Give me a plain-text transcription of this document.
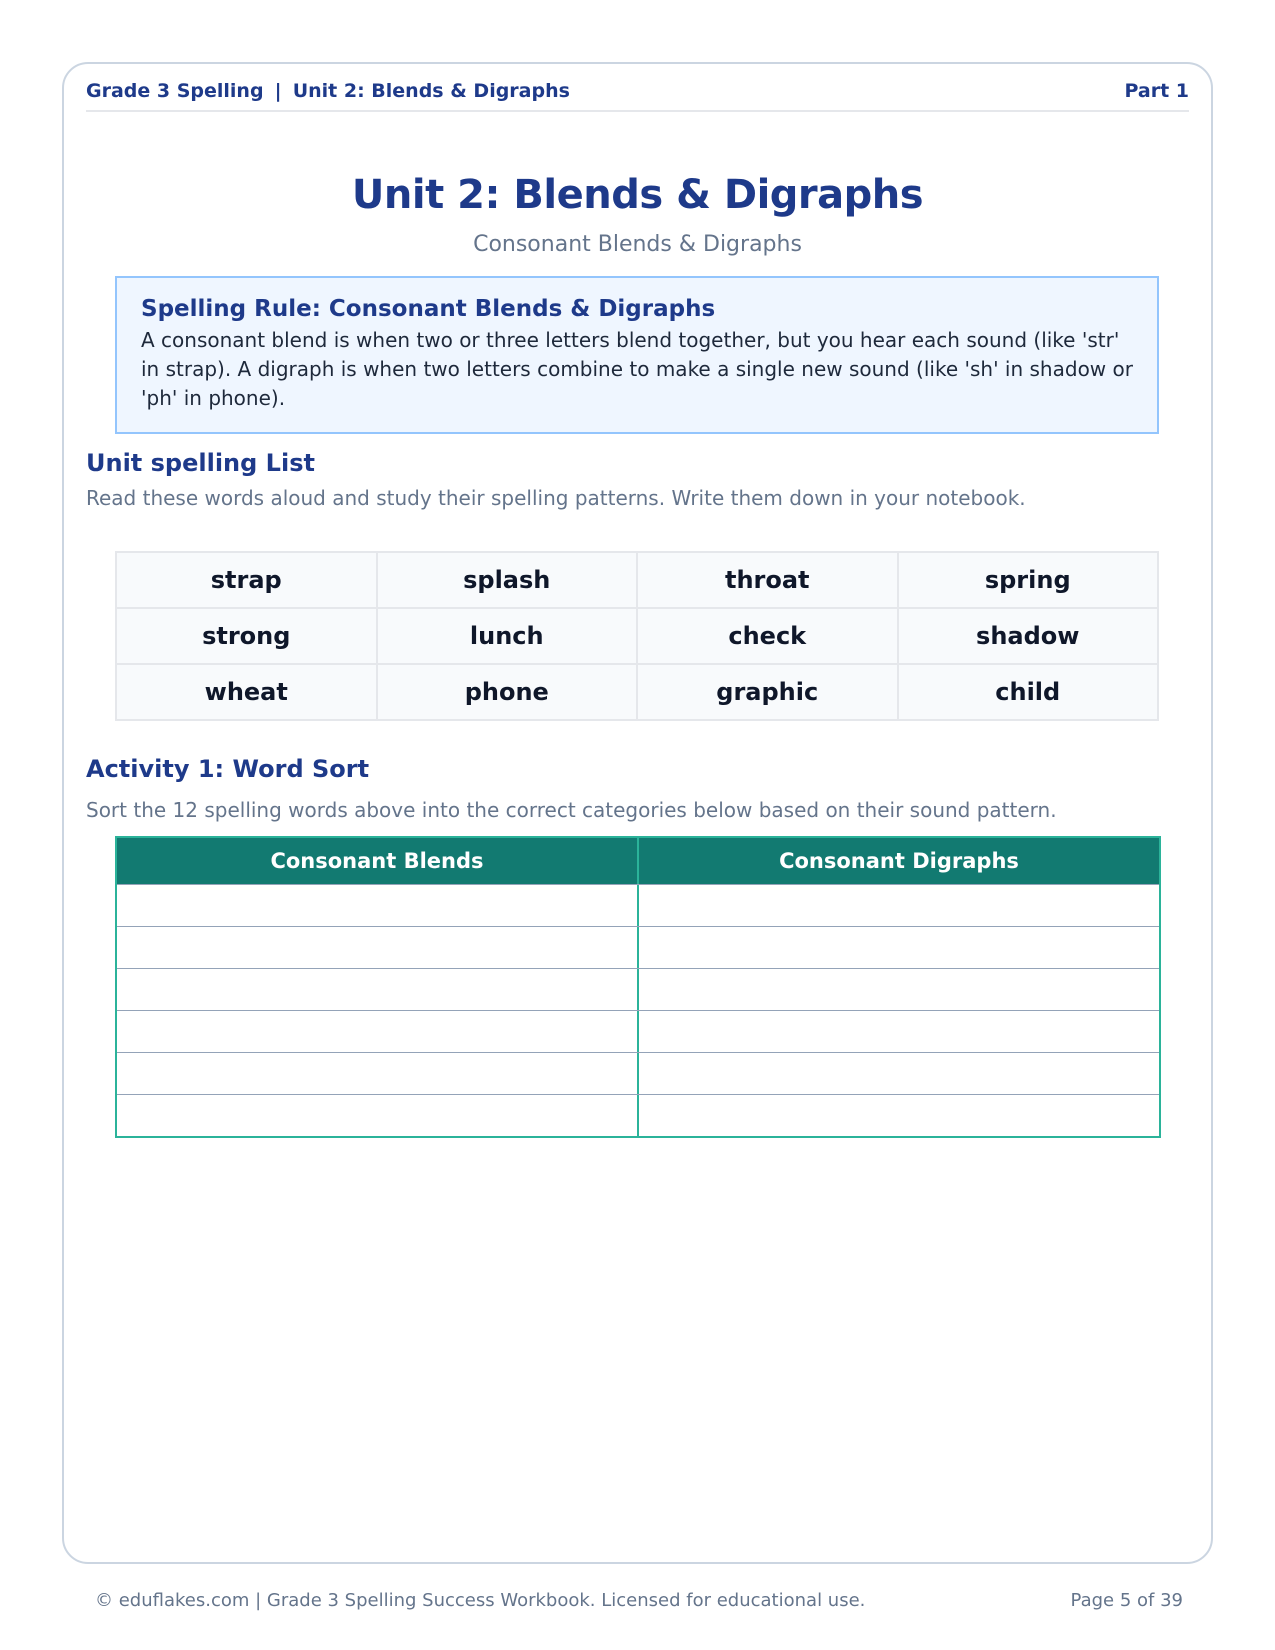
Grade 3 Spelling | Unit 2: Blends & Digraphs	Part 1
Unit 2: Blends & Digraphs
Consonant Blends & Digraphs
Spelling Rule: Consonant Blends & Digraphs
A consonant blend is when two or three letters blend together, but you hear each sound (like 'str' in strap). A digraph is when two letters combine to make a single new sound (like 'sh' in shadow or 'ph' in phone).
Unit spelling List
Read these words aloud and study their spelling patterns. Write them down in your notebook.
strap	splash	throat	spring
strong	lunch	check	shadow
wheat	phone	graphic	child
Activity 1: Word Sort
Sort the 12 spelling words above into the correct categories below based on their sound pattern.
Consonant Blends	Consonant Digraphs
© eduflakes.com | Grade 3 Spelling Success Workbook. Licensed for educational use.	Page 5 of 39
